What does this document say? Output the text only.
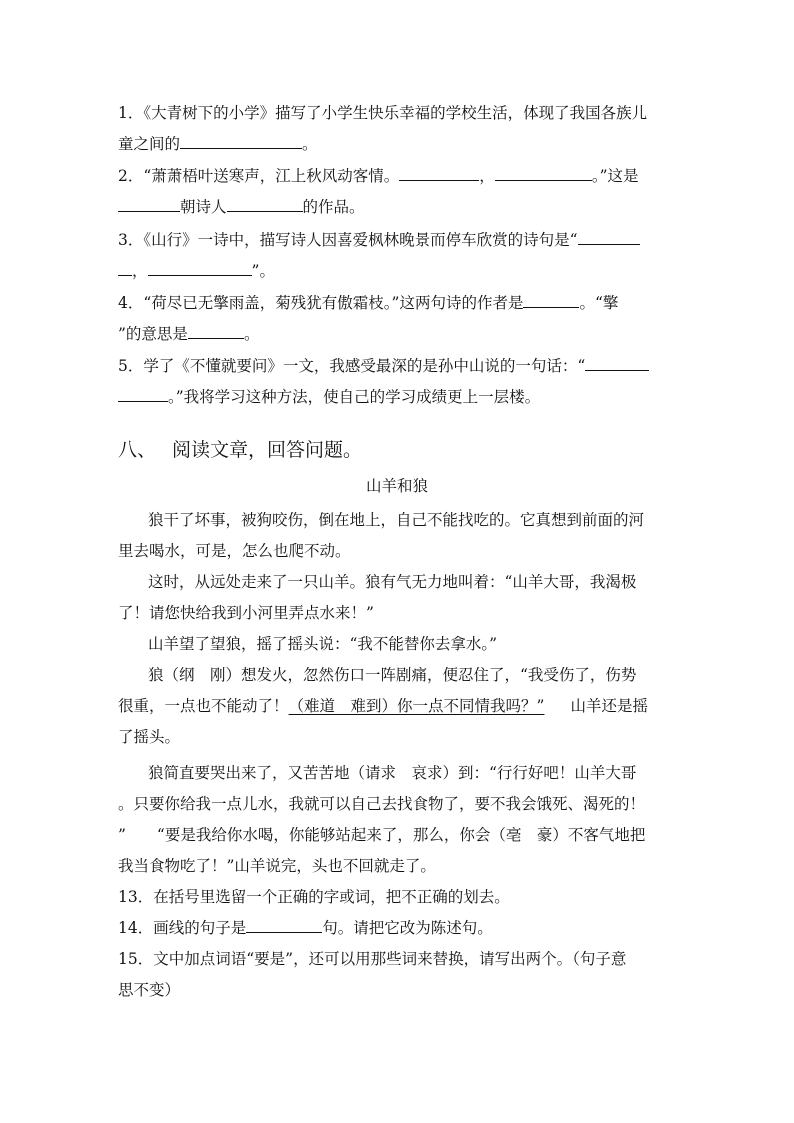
1．《大青树下的小学》描写了小学生快乐幸福的学校生活，体现了我国各族儿
童之间的	。
2．“萧萧梧叶送寒声，江上秋风动客情。	，	。”这是
朝诗人	的作品。
3．《山行》一诗中，描写诗人因喜爱枫林晚景而停车欣赏的诗句是“
，	”。
4．“荷尽已无擎雨盖，菊残犹有傲霜枝。”这两句诗的作者是	。“擎
”的意思是	。
5．学了《不懂就要问》一文，我感受最深的是孙中山说的一句话：“
。”我将学习这种方法，使自己的学习成绩更上一层楼。
八、 阅读文章，回答问题。
山羊和狼
狼干了坏事，被狗咬伤，倒在地上，自己不能找吃的。它真想到前面的河
里去喝水，可是，怎么也爬不动。
这时，从远处走来了一只山羊。狼有气无力地叫着：“山羊大哥，我渴极
了！请您快给我到小河里弄点水来！”
山羊望了望狼，摇了摇头说：“我不能替你去拿水。”
狼（纲　刚）想发火，忽然伤口一阵剧痛，便忍住了，“我受伤了，伤势
很重，一点也不能动了！（难道　难到）你一点不同情我吗？” 山羊还是摇
了摇头。
狼简直要哭出来了，又苦苦地（请求　哀求）到：“行行好吧！山羊大哥
。只要你给我一点儿水，我就可以自己去找食物了，要不我会饿死、渴死的！
”　　“要是我给你水喝，你能够站起来了，那么，你会（亳　豪）不客气地把
我当食物吃了！”山羊说完，头也不回就走了。
13．在括号里选留一个正确的字或词，把不正确的划去。
14．画线的句子是	句。请把它改为陈述句。
15．文中加点词语“要是”，还可以用那些词来替换，请写出两个。（句子意
思不变）
